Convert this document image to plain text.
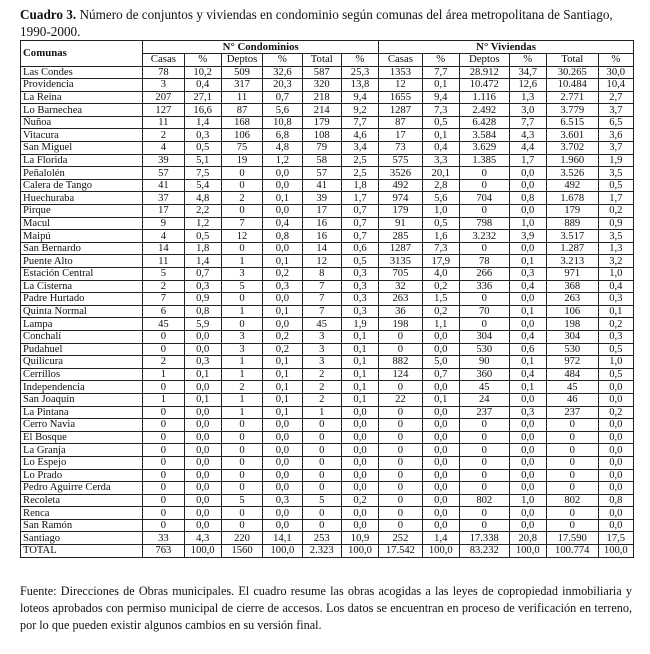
Cuadro 3. Número de conjuntos y viviendas en condominio según comunas del área metropolitana de Santiago, 1990-2000.
Comunas	N° Condominios						N° Viviendas					
	Casas	%	Deptos	%	Total	%	Casas	%	Deptos	%	Total	%
Las Condes	78	10,2	509	32,6	587	25,3	1353	7,7	28.912	34,7	30.265	30,0
Providencia	3	0,4	317	20,3	320	13,8	12	0,1	10.472	12,6	10.484	10,4
La Reina	207	27,1	11	0,7	218	9,4	1655	9,4	1.116	1,3	2.771	2,7
Lo Barnechea	127	16,6	87	5,6	214	9,2	1287	7,3	2.492	3,0	3.779	3,7
Ñuñoa	11	1,4	168	10,8	179	7,7	87	0,5	6.428	7,7	6.515	6,5
Vitacura	2	0,3	106	6,8	108	4,6	17	0,1	3.584	4,3	3.601	3,6
San Miguel	4	0,5	75	4,8	79	3,4	73	0,4	3.629	4,4	3.702	3,7
La Florida	39	5,1	19	1,2	58	2,5	575	3,3	1.385	1,7	1.960	1,9
Peñalolén	57	7,5	0	0,0	57	2,5	3526	20,1	0	0,0	3.526	3,5
Calera de Tango	41	5,4	0	0,0	41	1,8	492	2,8	0	0,0	492	0,5
Huechuraba	37	4,8	2	0,1	39	1,7	974	5,6	704	0,8	1.678	1,7
Pirque	17	2,2	0	0,0	17	0,7	179	1,0	0	0,0	179	0,2
Macul	9	1,2	7	0,4	16	0,7	91	0,5	798	1,0	889	0,9
Maipú	4	0,5	12	0,8	16	0,7	285	1,6	3.232	3,9	3.517	3,5
San Bernardo	14	1,8	0	0,0	14	0,6	1287	7,3	0	0,0	1.287	1,3
Puente Alto	11	1,4	1	0,1	12	0,5	3135	17,9	78	0,1	3.213	3,2
Estación Central	5	0,7	3	0,2	8	0,3	705	4,0	266	0,3	971	1,0
La Cisterna	2	0,3	5	0,3	7	0,3	32	0,2	336	0,4	368	0,4
Padre Hurtado	7	0,9	0	0,0	7	0,3	263	1,5	0	0,0	263	0,3
Quinta Normal	6	0,8	1	0,1	7	0,3	36	0,2	70	0,1	106	0,1
Lampa	45	5,9	0	0,0	45	1,9	198	1,1	0	0,0	198	0,2
Conchalí	0	0,0	3	0,2	3	0,1	0	0,0	304	0,4	304	0,3
Pudahuel	0	0,0	3	0,2	3	0,1	0	0,0	530	0,6	530	0,5
Quilicura	2	0,3	1	0,1	3	0,1	882	5,0	90	0,1	972	1,0
Cerrillos	1	0,1	1	0,1	2	0,1	124	0,7	360	0,4	484	0,5
Independencia	0	0,0	2	0,1	2	0,1	0	0,0	45	0,1	45	0,0
San Joaquín	1	0,1	1	0,1	2	0,1	22	0,1	24	0,0	46	0,0
La Pintana	0	0,0	1	0,1	1	0,0	0	0,0	237	0,3	237	0,2
Cerro Navia	0	0,0	0	0,0	0	0,0	0	0,0	0	0,0	0	0,0
El Bosque	0	0,0	0	0,0	0	0,0	0	0,0	0	0,0	0	0,0
La Granja	0	0,0	0	0,0	0	0,0	0	0,0	0	0,0	0	0,0
Lo Espejo	0	0,0	0	0,0	0	0,0	0	0,0	0	0,0	0	0,0
Lo Prado	0	0,0	0	0,0	0	0,0	0	0,0	0	0,0	0	0,0
Pedro Aguirre Cerda	0	0,0	0	0,0	0	0,0	0	0,0	0	0,0	0	0,0
Recoleta	0	0,0	5	0,3	5	0,2	0	0,0	802	1,0	802	0,8
Renca	0	0,0	0	0,0	0	0,0	0	0,0	0	0,0	0	0,0
San Ramón	0	0,0	0	0,0	0	0,0	0	0,0	0	0,0	0	0,0
Santiago	33	4,3	220	14,1	253	10,9	252	1,4	17.338	20,8	17.590	17,5
TOTAL	763	100,0	1560	100,0	2.323	100,0	17.542	100,0	83.232	100,0	100.774	100,0
Fuente: Direcciones de Obras municipales. El cuadro resume las obras acogidas a las leyes de copropiedad inmobiliaria y loteos aprobados con permiso municipal de cierre de accesos. Los datos se encuentran en proceso de verificación en terreno, por lo que pueden existir algunos cambios en su versión final.
